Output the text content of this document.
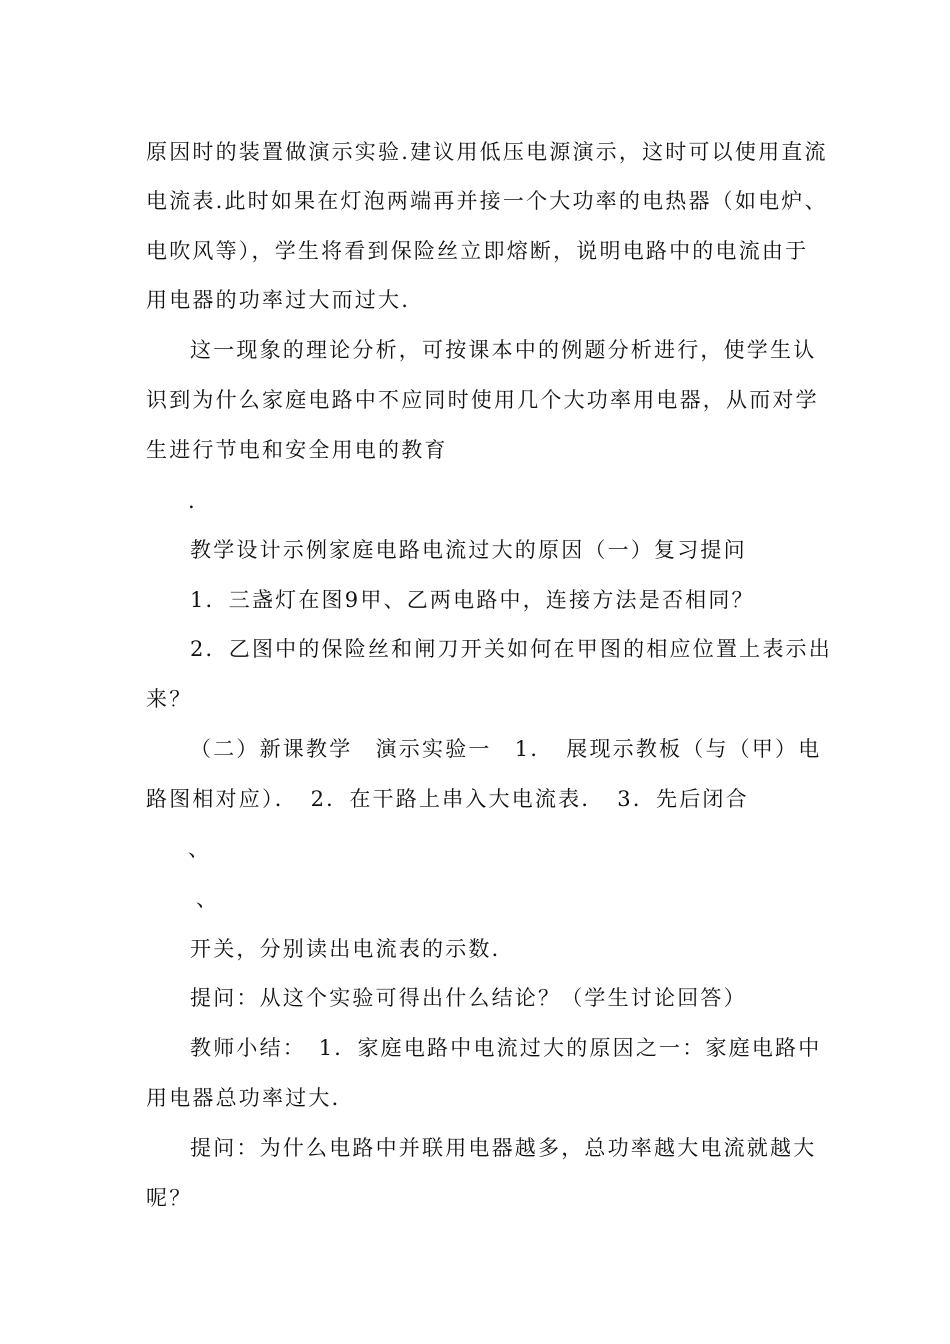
原因时的装置做演示实验.建议用低压电源演示，这时可以使用直流
电流表.此时如果在灯泡两端再并接一个大功率的电热器（如电炉、
电吹风等），学生将看到保险丝立即熔断，说明电路中的电流由于
用电器的功率过大而过大.
这一现象的理论分析，可按课本中的例题分析进行，使学生认
识到为什么家庭电路中不应同时使用几个大功率用电器，从而对学
生进行节电和安全用电的教育
.
教学设计示例家庭电路电流过大的原因（一）复习提问
1．三盏灯在图9甲、乙两电路中，连接方法是否相同？
2．乙图中的保险丝和闸刀开关如何在甲图的相应位置上表示出
来？
（二）新课教学　演示实验一　1．　展现示教板（与（甲）电
路图相对应）．　2．在干路上串入大电流表．　3．先后闭合
、
、
开关，分别读出电流表的示数．
提问：从这个实验可得出什么结论？（学生讨论回答）
教师小结：　1．家庭电路中电流过大的原因之一：家庭电路中
用电器总功率过大．
提问：为什么电路中并联用电器越多，总功率越大电流就越大
呢？
